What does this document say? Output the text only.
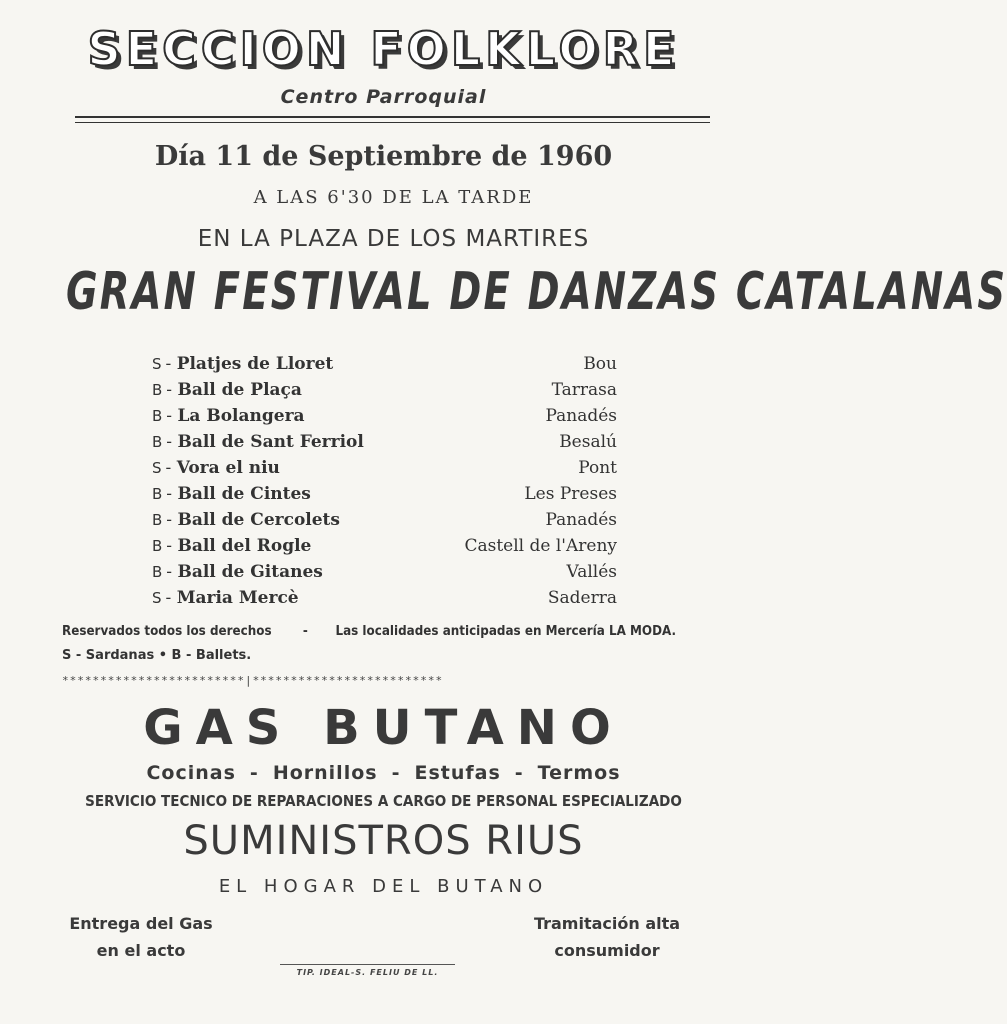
SECCION FOLKLORE
Centro Parroquial
Día 11 de Septiembre de 1960
A LAS 6'30 DE LA TARDE
EN LA PLAZA DE LOS MARTIRES
GRAN FESTIVAL DE DANZAS CATALANAS
S - Platjes de Lloret	Bou
B - Ball de Plaça	Tarrasa
B - La Bolangera	Panadés
B - Ball de Sant Ferriol	Besalú
S - Vora el niu	Pont
B - Ball de Cintes	Les Preses
B - Ball de Cercolets	Panadés
B - Ball del Rogle	Castell de l'Areny
B - Ball de Gitanes	Vallés
S - Maria Mercè	Saderra
Reservados todos los derechos - Las localidades anticipadas en Mercería LA MODA.
S - Sardanas • B - Ballets.
************************|*************************
GAS BUTANO
Cocinas - Hornillos - Estufas - Termos
SERVICIO TECNICO DE REPARACIONES A CARGO DE PERSONAL ESPECIALIZADO
SUMINISTROS RIUS
EL HOGAR DEL BUTANO
Entrega del Gas
en el acto
Tramitación alta
consumidor
TIP. IDEAL-S. FELIU DE LL.
